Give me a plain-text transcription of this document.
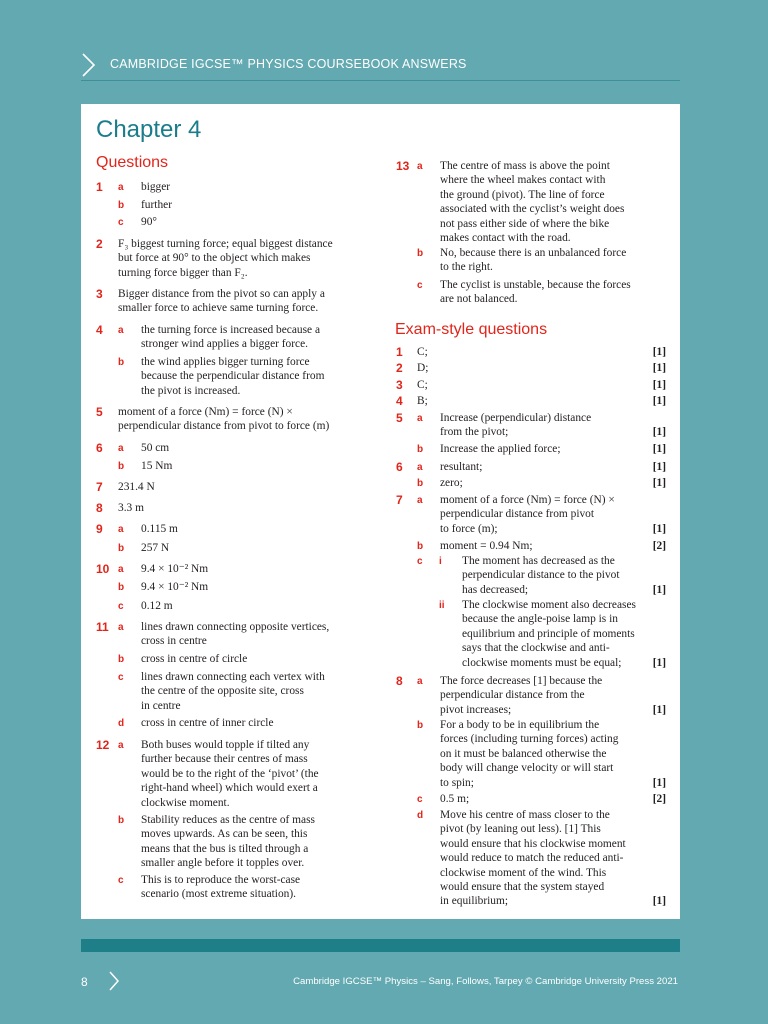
CAMBRIDGE IGCSE™ PHYSICS COURSEBOOK ANSWERS
Chapter 4
Questions
Exam-style questions
1 a bigger
b further
c 90°
2 F₃ biggest turning force; equal biggest distance
but force at 90° to the object which makes
turning force bigger than F₂.
3 Bigger distance from the pivot so can apply a
smaller force to achieve same turning force.
4 a the turning force is increased because a
stronger wind applies a bigger force.
b the wind applies bigger turning force
because the perpendicular distance from
the pivot is increased.
5 moment of a force (Nm) = force (N) ×
perpendicular distance from pivot to force (m)
6 a 50 cm
b 15 Nm
7 231.4 N
8 3.3 m
9 a 0.115 m
b 257 N
10 a 9.4 × 10⁻² Nm
b 9.4 × 10⁻² Nm
c 0.12 m
11 a lines drawn connecting opposite vertices,
cross in centre
b cross in centre of circle
c lines drawn connecting each vertex with
the centre of the opposite site, cross
in centre
d cross in centre of inner circle
12 a Both buses would topple if tilted any
further because their centres of mass
would be to the right of the ‘pivot’ (the
right-hand wheel) which would exert a
clockwise moment.
b Stability reduces as the centre of mass
moves upwards. As can be seen, this
means that the bus is tilted through a
smaller angle before it topples over.
c This is to reproduce the worst-case
scenario (most extreme situation).
13 a The centre of mass is above the point
where the wheel makes contact with
the ground (pivot). The line of force
associated with the cyclist’s weight does
not pass either side of where the bike
makes contact with the road.
b No, because there is an unbalanced force
to the right.
c The cyclist is unstable, because the forces
are not balanced.
1 C;	[1]
2 D;	[1]
3 C;	[1]
4 B;	[1]
5 a Increase (perpendicular) distance
from the pivot;	
[1]
b Increase the applied force;	[1]
6 a resultant;	[1]
b zero;	[1]
7 a moment of a force (Nm) = force (N) ×
perpendicular distance from pivot
to force (m);	

[1]
b moment = 0.94 Nm;	[2]
c i The moment has decreased as the
perpendicular distance to the pivot
has decreased;	

[1]
ii The clockwise moment also decreases
because the angle-poise lamp is in
equilibrium and principle of moments
says that the clockwise and anti-
clockwise moments must be equal;	

[1]
8 a The force decreases [1] because the
perpendicular distance from the
pivot increases;	

[1]
b For a body to be in equilibrium the
forces (including turning forces) acting
on it must be balanced otherwise the
body will change velocity or will start
to spin;	

[1]
c 0.5 m;	[2]
d Move his centre of mass closer to the
pivot (by leaning out less). [1] This
would ensure that his clockwise moment
would reduce to match the reduced anti-
clockwise moment of the wind. This
would ensure that the system stayed
in equilibrium;	

[1]
8	Cambridge IGCSE™ Physics – Sang, Follows, Tarpey © Cambridge University Press 2021
